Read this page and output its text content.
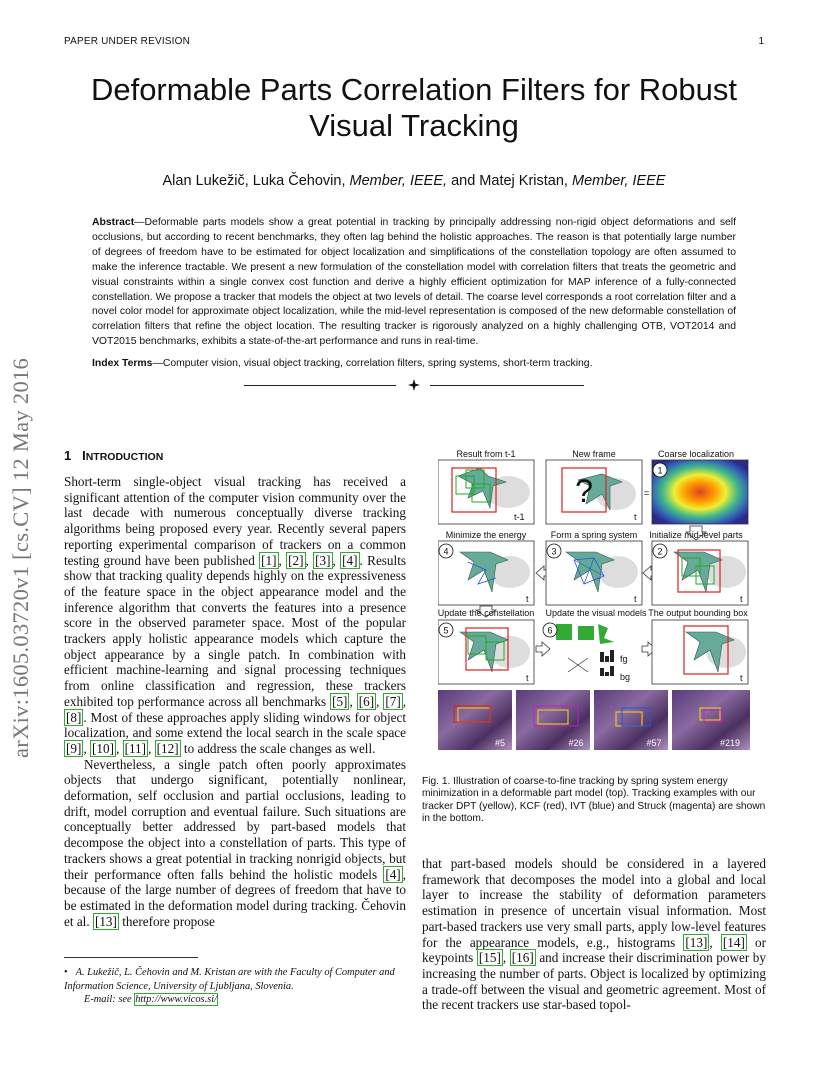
PAPER UNDER REVISION	1
Deformable Parts Correlation Filters for Robust Visual Tracking
Alan Lukežič, Luka Čehovin, Member, IEEE, and Matej Kristan, Member, IEEE
Abstract—Deformable parts models show a great potential in tracking by principally addressing non-rigid object deformations and self occlusions, but according to recent benchmarks, they often lag behind the holistic approaches. The reason is that potentially large number of degrees of freedom have to be estimated for object localization and simplifications of the constellation topology are often assumed to make the inference tractable. We present a new formulation of the constellation model with correlation filters that treats the geometric and visual constraints within a single convex cost function and derive a highly efficient optimization for MAP inference of a fully-connected constellation. We propose a tracker that models the object at two levels of detail. The coarse level corresponds a root correlation filter and a novel color model for approximate object localization, while the mid-level representation is composed of the new deformable constellation of correlation filters that refine the object location. The resulting tracker is rigorously analyzed on a highly challenging OTB, VOT2014 and VOT2015 benchmarks, exhibits a state-of-the-art performance and runs in real-time.
Index Terms—Computer vision, visual object tracking, correlation filters, spring systems, short-term tracking.
arXiv:1605.03720v1 [cs.CV] 12 May 2016 1 INTRODUCTION

Short-term single-object visual tracking has received a significant attention of the computer vision community over the last decade with numerous conceptually diverse tracking algorithms being proposed every year. Recently several papers reporting experimental comparison of trackers on a common testing ground have been published [1] , [2] , [3] , [4] . Results show that tracking quality depends highly on the expressiveness of the feature space in the object appearance model and the inference algorithm that converts the features into a presence score in the observed parameter space. Most of the popular trackers apply holistic appearance models which capture the object appearance by a single patch. In combination with efficient machine-learning and signal processing techniques from online classification and regression, these trackers exhibited top performance across all benchmarks [5] , [6] , [7] , [8] . Most of these approaches apply sliding windows for object localization, and some extend the local search in the scale space [9] , [10] , [11] , [12] to address the scale changes as well.

Nevertheless, a single patch often poorly approximates objects that undergo significant, potentially nonlinear, deformation, self occlusion and partial occlusions, leading to drift, model corruption and eventual failure. Such situations are conceptually better addressed by part-based models that decompose the object into a constellation of parts. This type of trackers shows a great potential in tracking nonrigid objects, but their performance often falls behind the holistic models [4] , because of the large number of degrees of freedom that have to be estimated in the deformation model during tracking. Čehovin et al. [13] therefore propose

• A. Lukežič, L. Čehovin and M. Kristan are with the Faculty of Computer and Information Science, University of Ljubljana, Slovenia.
E-mail: see http://www.vicos.si/
Result from t-1	New frame	Coarse localization
t-1
?
t
=
1
Minimize the energy	Form a spring system Initialize mid-level parts
4
t
3
t
2
t
Update the constellation Update the visual models The output bounding box
5
t
6
fg
bg	t
#5	#26	#57	#219
Fig. 1. Illustration of coarse-to-fine tracking by spring system energy minimization in a deformable part model (top). Tracking examples with our tracker DPT (yellow), KCF (red), IVT (blue) and Struck (magenta) are shown in the bottom.
that part-based models should be considered in a layered framework that decomposes the model into a global and local layer to increase the stability of deformation parameters estimation in presence of uncertain visual information. Most part-based trackers use very small parts, apply low-level features for the appearance models, e.g., histograms [13] , [14] or keypoints [15] , [16] and increase their discrimination power by increasing the number of parts. Object is localized by optimizing a trade-off between the visual and geometric agreement. Most of the recent trackers use star-based topol-
